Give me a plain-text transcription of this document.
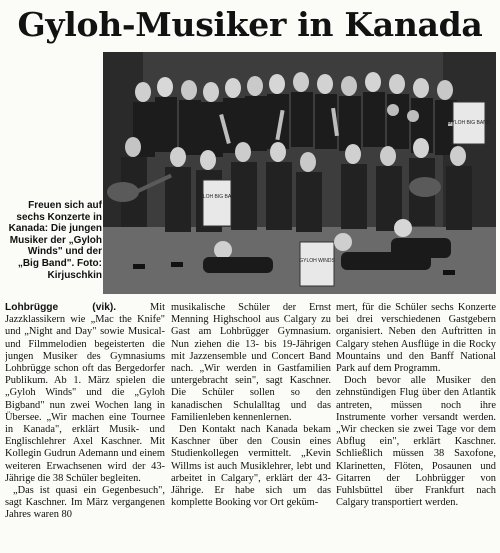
Gyloh-Musiker in Kanada
GYLOH BIG BAND
GYLOH WINDS
GYLOH BIG BAND
Freuen sich auf sechs Konzerte in Kanada: Die jungen Musiker der „Gyloh Winds" und der „Big Band". Foto: Kirjuschkin

Lohbrügge (vik).	Mit Jazzklassikern wie „Mac the Knife" und „Night and Day" sowie Musical- und Filmmelodien begeisterten die jungen Musiker des Gymnasiums Lohbrügge schon oft das Bergedorfer Publikum. Ab 1. März spielen die „Gyloh Winds" und die „Gyloh Bigband" nun zwei Wochen lang in Übersee. „Wir machen eine Tournee in Kanada", erklärt Musik- und Englischlehrer Axel Kaschner. Mit Kollegin Gudrun Ademann und einem weiteren Erwachsenen wird der 43-Jährige die 38 Schüler begleiten.

„Das ist quasi ein Gegenbesuch", sagt Kaschner. Im März vergangenen Jahres waren 80

musikalische Schüler der Ernst Menning Highschool aus Calgary zu Gast am Lohbrügger Gymnasium. Nun ziehen die 13- bis 19-Jährigen mit Jazzensemble und Concert Band nach. „Wir werden in Gastfamilien untergebracht sein", sagt Kaschner. Die Schüler sollen so den kanadischen Schulalltag und das Familienleben kennenlernen.

Den Kontakt nach Kanada bekam Kaschner über den Cousin eines Studienkollegen vermittelt. „Kevin Willms ist auch Musiklehrer, lebt und arbeitet in Calgary", erklärt der 43-Jährige. Er habe sich um das komplette Booking vor Ort geküm-

mert, für die Schüler sechs Konzerte bei drei verschiedenen Gastgebern organisiert. Neben den Auftritten in Calgary stehen Ausflüge in die Rocky Mountains und den Banff National Park auf dem Programm.

Doch bevor alle Musiker den zehnstündigen Flug über den Atlantik antreten, müssen noch ihre Instrumente vorher versandt werden. „Wir checken sie zwei Tage vor dem Abflug ein", erklärt Kaschner. Schließlich müssen 38 Saxofone, Klarinetten, Flöten, Posaunen und Gitarren der Lohbrügger von Fuhlsbüttel über Frankfurt nach Calgary transportiert werden.
